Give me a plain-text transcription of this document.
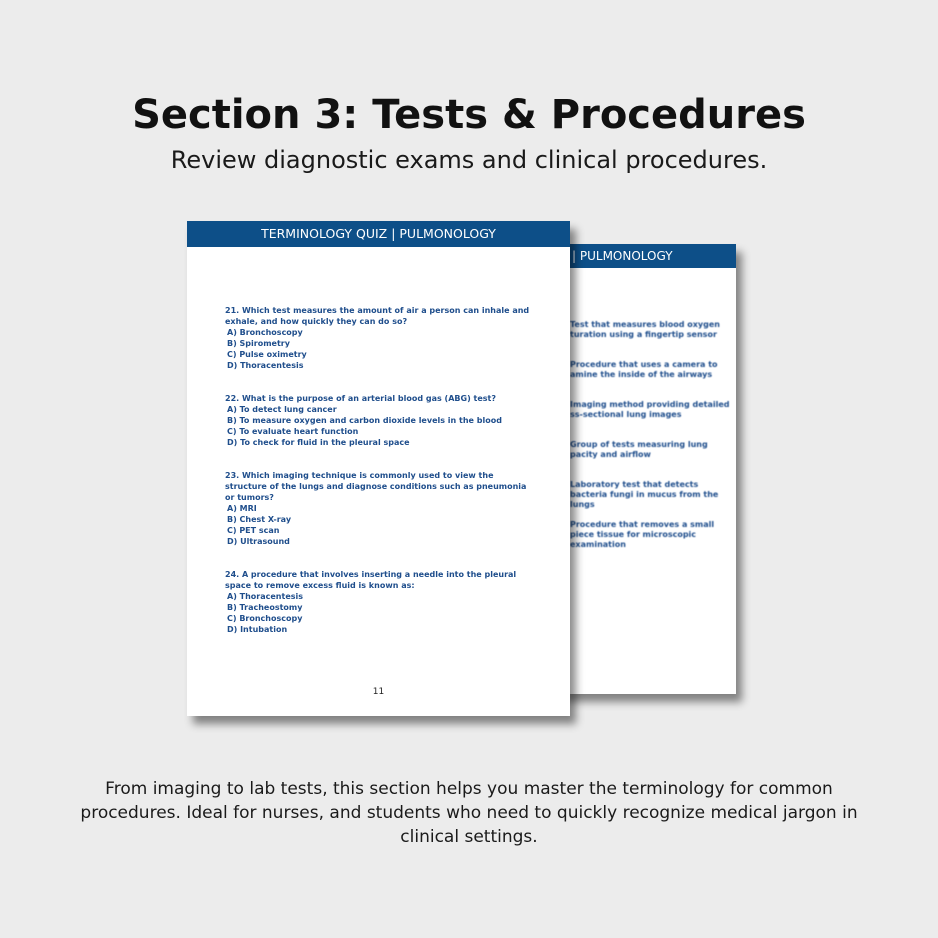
Section 3: Tests & Procedures
Review diagnostic exams and clinical procedures.
| PULMONOLOGY
Test that measures blood oxygen turation using a fingertip sensor
Procedure that uses a camera to amine the inside of the airways
Imaging method providing detailed ss-sectional lung images
Group of tests measuring lung pacity and airflow
Laboratory test that detects bacteria fungi in mucus from the lungs
Procedure that removes a small piece tissue for microscopic examination
TERMINOLOGY QUIZ | PULMONOLOGY
21. Which test measures the amount of air a person can inhale and exhale, and how quickly they can do so?
A) Bronchoscopy
B) Spirometry
C) Pulse oximetry
D) Thoracentesis
22. What is the purpose of an arterial blood gas (ABG) test?
A) To detect lung cancer
B) To measure oxygen and carbon dioxide levels in the blood
C) To evaluate heart function
D) To check for fluid in the pleural space
23. Which imaging technique is commonly used to view the structure of the lungs and diagnose conditions such as pneumonia or tumors?
A) MRI
B) Chest X-ray
C) PET scan
D) Ultrasound
24. A procedure that involves inserting a needle into the pleural space to remove excess fluid is known as:
A) Thoracentesis
B) Tracheostomy
C) Bronchoscopy
D) Intubation
11
From imaging to lab tests, this section helps you master the terminology for common procedures. Ideal for nurses, and students who need to quickly recognize medical jargon in clinical settings.
